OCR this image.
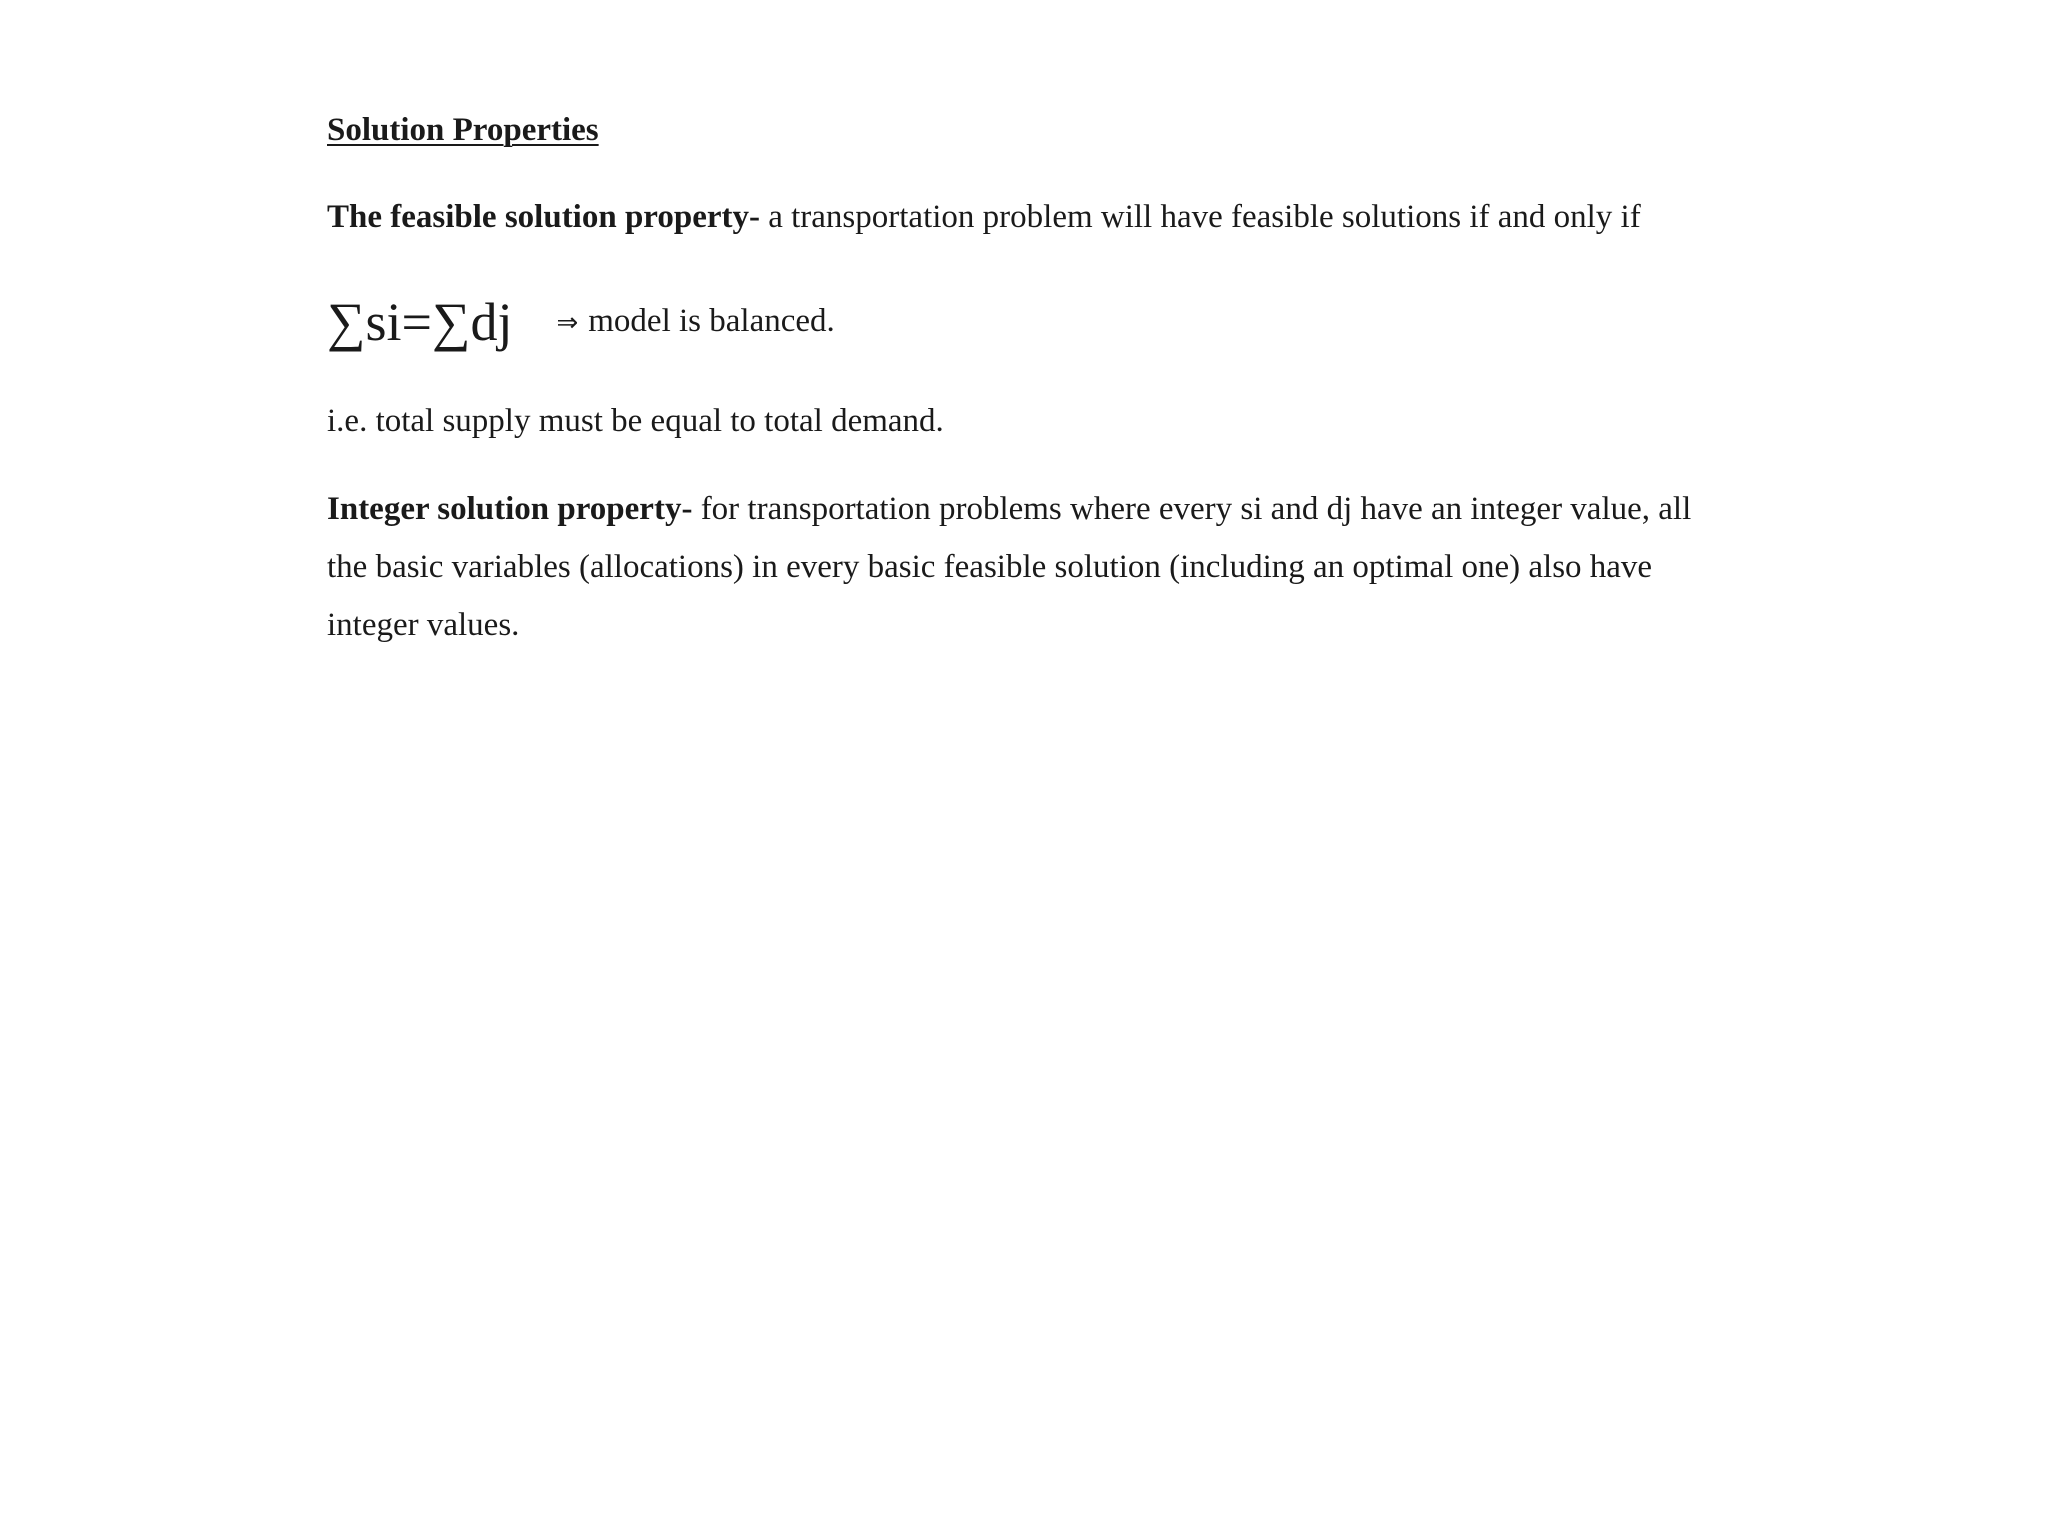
Solution Properties

The feasible solution property- a transportation problem will have feasible solutions if and only if

∑si=∑dj ⇒ model is balanced.

i.e. total supply must be equal to total demand.

Integer solution property- for transportation problems where every si and dj have an integer value, all
the basic variables (allocations) in every basic feasible solution (including an optimal one) also have
integer values.
